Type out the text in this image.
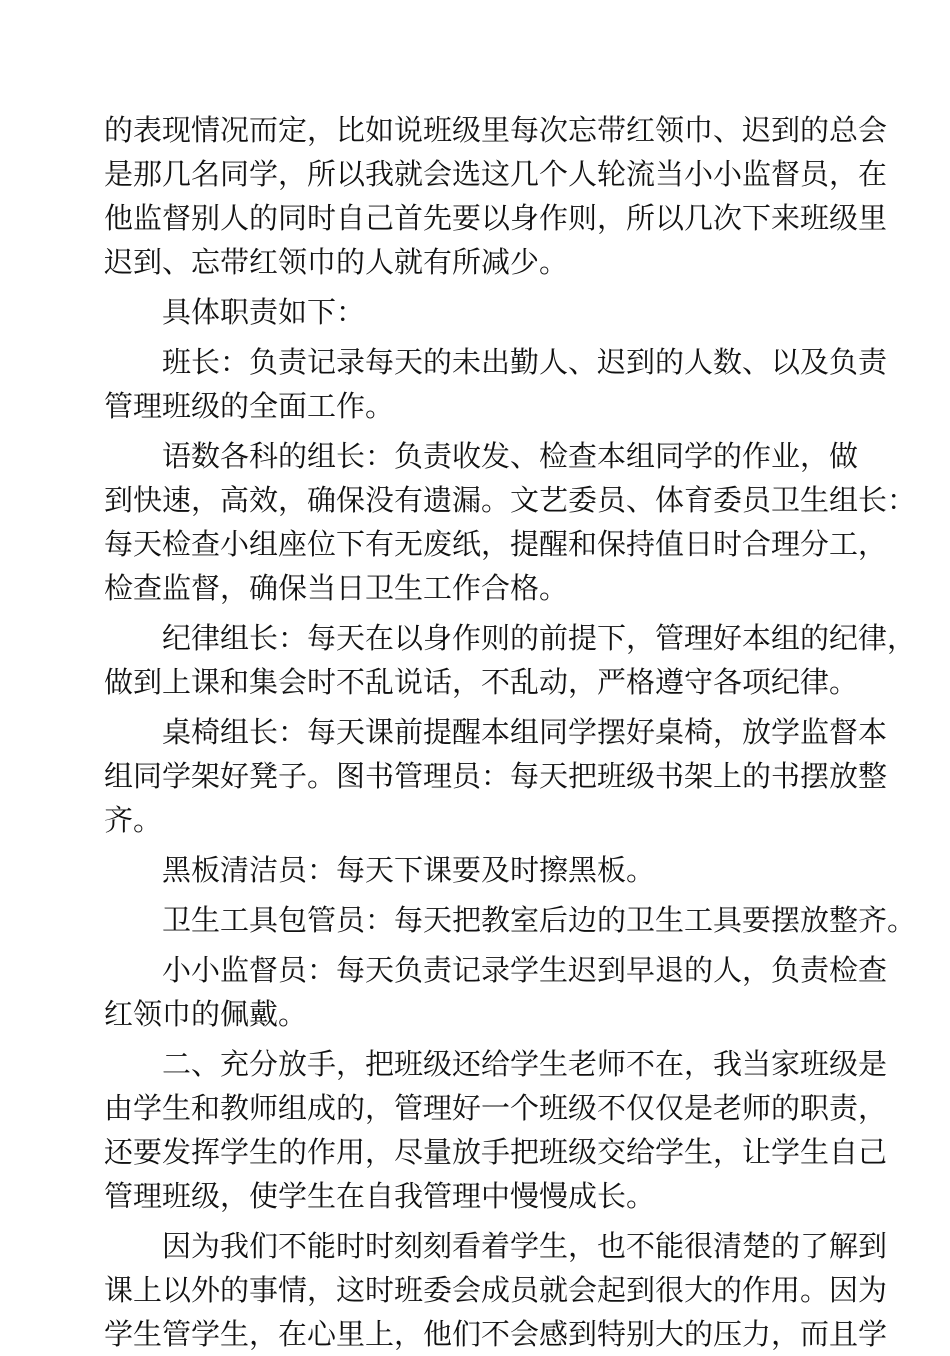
的表现情况而定，比如说班级里每次忘带红领巾、迟到的总会
是那几名同学，所以我就会选这几个人轮流当小小监督员，在
他监督别人的同时自己首先要以身作则，所以几次下来班级里
迟到、忘带红领巾的人就有所减少。
具体职责如下：
班长：负责记录每天的未出勤人、迟到的人数、以及负责
管理班级的全面工作。
语数各科的组长：负责收发、检查本组同学的作业，做
到快速，高效，确保没有遗漏。文艺委员、体育委员卫生组长：
每天检查小组座位下有无废纸，提醒和保持值日时合理分工，
检查监督，确保当日卫生工作合格。
纪律组长：每天在以身作则的前提下，管理好本组的纪律，
做到上课和集会时不乱说话，不乱动，严格遵守各项纪律。
桌椅组长：每天课前提醒本组同学摆好桌椅，放学监督本
组同学架好凳子。图书管理员：每天把班级书架上的书摆放整
齐。
黑板清洁员：每天下课要及时擦黑板。
卫生工具包管员：每天把教室后边的卫生工具要摆放整齐。
小小监督员：每天负责记录学生迟到早退的人，负责检查
红领巾的佩戴。
二、充分放手，把班级还给学生老师不在，我当家班级是
由学生和教师组成的，管理好一个班级不仅仅是老师的职责，
还要发挥学生的作用，尽量放手把班级交给学生，让学生自己
管理班级，使学生在自我管理中慢慢成长。
因为我们不能时时刻刻看着学生，也不能很清楚的了解到
课上以外的事情，这时班委会成员就会起到很大的作用。因为
学生管学生，在心里上，他们不会感到特别大的压力，而且学
